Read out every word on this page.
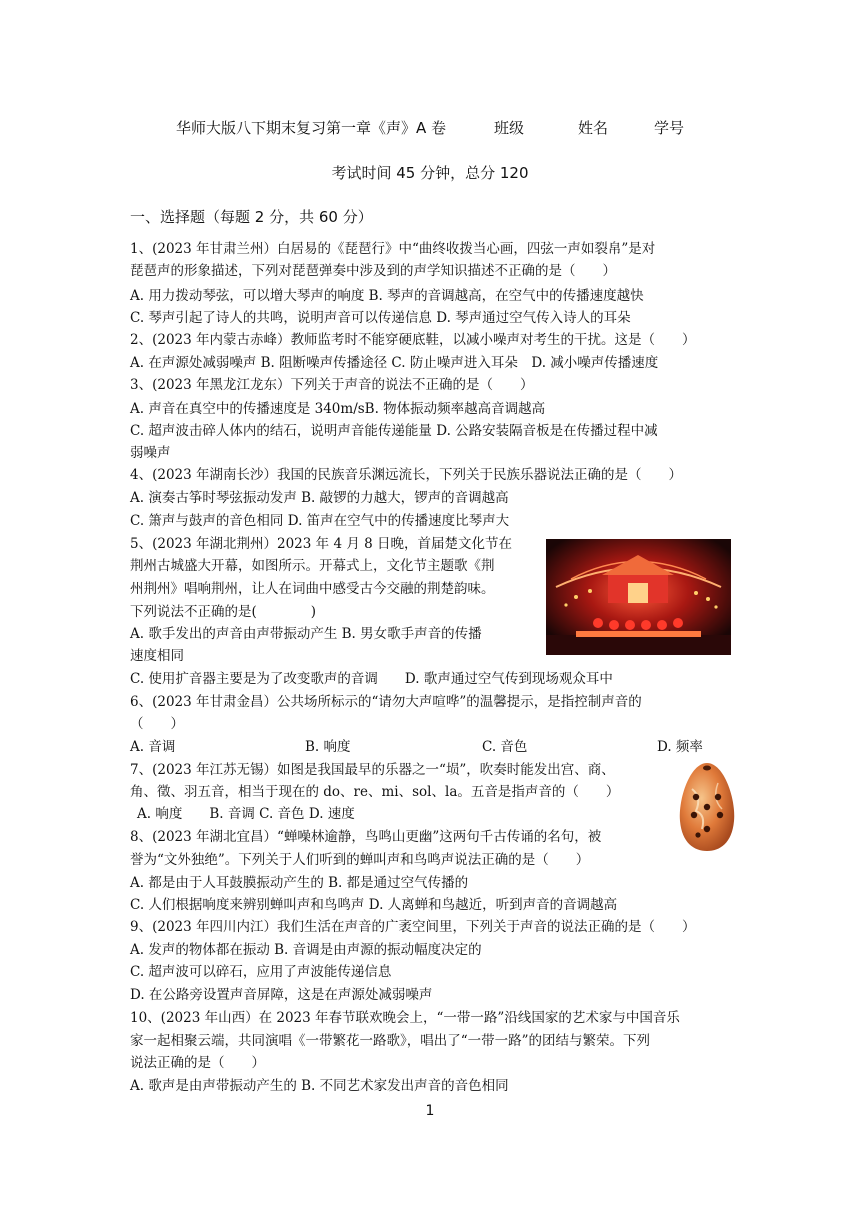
华师大版八下期末复习第一章《声》A 卷	班级	姓名	学号
考试时间 45 分钟，总分 120
一、选择题（每题 2 分，共 60 分）
1、(2023 年甘肃兰州）白居易的《琵琶行》中“曲终收拨当心画，四弦一声如裂帛”是对
琵琶声的形象描述，下列对琵琶弹奏中涉及到的声学知识描述不正确的是（　　）
A. 用力拨动琴弦，可以增大琴声的响度 B. 琴声的音调越高，在空气中的传播速度越快
C. 琴声引起了诗人的共鸣，说明声音可以传递信息 D. 琴声通过空气传入诗人的耳朵
2、(2023 年内蒙古赤峰）教师监考时不能穿硬底鞋，以减小噪声对考生的干扰。这是（　　）
A. 在声源处减弱噪声 B. 阻断噪声传播途径 C. 防止噪声进入耳朵　D. 减小噪声传播速度
3、(2023 年黑龙江龙东）下列关于声音的说法不正确的是（　　）
A. 声音在真空中的传播速度是 340m/sB. 物体振动频率越高音调越高
C. 超声波击碎人体内的结石，说明声音能传递能量 D. 公路安装隔音板是在传播过程中减
弱噪声
4、(2023 年湖南长沙）我国的民族音乐渊远流长，下列关于民族乐器说法正确的是（　　）
A. 演奏古筝时琴弦振动发声 B. 敲锣的力越大，锣声的音调越高
C. 箫声与鼓声的音色相同 D. 笛声在空气中的传播速度比琴声大
5、(2023 年湖北荆州）2023 年 4 月 8 日晚，首届楚文化节在
荆州古城盛大开幕，如图所示。开幕式上，文化节主题歌《荆
州荆州》唱响荆州，让人在词曲中感受古今交融的荆楚韵味。
下列说法不正确的是(　　　　)
A. 歌手发出的声音由声带振动产生 B. 男女歌手声音的传播
速度相同
C. 使用扩音器主要是为了改变歌声的音调　　D. 歌声通过空气传到现场观众耳中
6、(2023 年甘肃金昌）公共场所标示的“请勿大声喧哗”的温馨提示，是指控制声音的
（　　）
A. 音调	B. 响度	C. 音色	D. 频率
7、(2023 年江苏无锡）如图是我国最早的乐器之一“埙”，吹奏时能发出宫、商、
角、徵、羽五音，相当于现在的 do、re、mi、sol、la。五音是指声音的（　　）
A. 响度　　B. 音调 C. 音色 D. 速度
8、(2023 年湖北宜昌）“蝉噪林逾静，鸟鸣山更幽”这两句千古传诵的名句，被
誉为“文外独绝”。下列关于人们听到的蝉叫声和鸟鸣声说法正确的是（　　）
A. 都是由于人耳鼓膜振动产生的 B. 都是通过空气传播的
C. 人们根据响度来辨别蝉叫声和鸟鸣声 D. 人离蝉和鸟越近，听到声音的音调越高
9、(2023 年四川内江）我们生活在声音的广袤空间里，下列关于声音的说法正确的是（　　）
A. 发声的物体都在振动 B. 音调是由声源的振动幅度决定的
C. 超声波可以碎石，应用了声波能传递信息
D. 在公路旁设置声音屏障，这是在声源处减弱噪声
10、(2023 年山西）在 2023 年春节联欢晚会上，“一带一路”沿线国家的艺术家与中国音乐
家一起相聚云端，共同演唱《一带繁花一路歌》，唱出了“一带一路”的团结与繁荣。下列
说法正确的是（　　）
A. 歌声是由声带振动产生的 B. 不同艺术家发出声音的音色相同
1
